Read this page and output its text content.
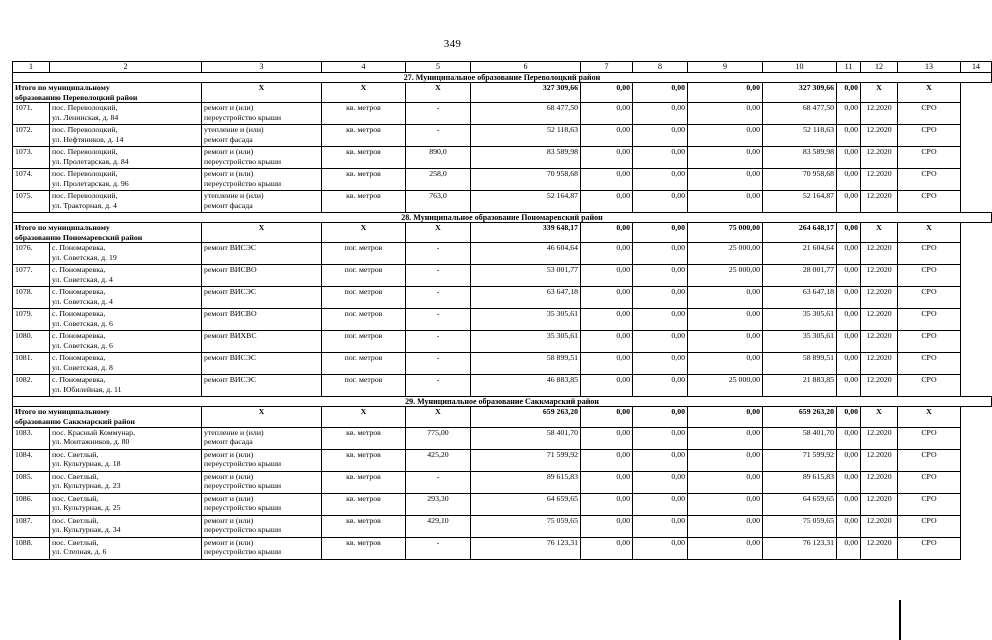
349
1	2	3	4	5	6	7	8	9	10	11	12	13	14
27. Муниципальное образование Переволоцкий район													

Итого по муниципальному
образованию Переволоцкий район		X	X	X	327 309,66	0,00	0,00	0,00	327 309,66	0,00	X	X	
1071.	пос. Переволоцкий,
ул. Ленинская, д. 84	ремонт и (или)
переустройство крыши	кв. метров	-	68 477,50	0,00	0,00	0,00	68 477,50	0,00	12.2020	СРО	
1072.	пос. Переволоцкий,
ул. Нефтяников, д. 14	утепление и (или)
ремонт фасада	кв. метров	-	52 118,63	0,00	0,00	0,00	52 118,63	0,00	12.2020	СРО	
1073.	пос. Переволоцкий,
ул. Пролетарская, д. 84	ремонт и (или)
переустройство крыши	кв. метров	890,0	83 589,98	0,00	0,00	0,00	83 589,98	0,00	12.2020	СРО	
1074.	пос. Переволоцкий,
ул. Пролетарская, д. 96	ремонт и (или)
переустройство крыши	кв. метров	258,0	70 958,68	0,00	0,00	0,00	70 958,68	0,00	12.2020	СРО	
1075.	пос. Переволоцкий,
ул. Тракторная, д. 4	утепление и (или)
ремонт фасада	кв. метров	763,0	52 164,87	0,00	0,00	0,00	52 164,87	0,00	12.2020	СРО	
28. Муниципальное образование Пономаревский район													

Итого по муниципальному
образованию Пономаревский район		X	X	X	339 648,17	0,00	0,00	75 000,00	264 648,17	0,00	X	X	
1076.	с. Пономаревка,
ул. Советская, д. 19	ремонт ВИСЭС	пог. метров	-	46 604,64	0,00	0,00	25 000,00	21 604,64	0,00	12.2020	СРО	
1077.	с. Пономаревка,
ул. Советская, д. 4	ремонт ВИСВО	пог. метров	-	53 001,77	0,00	0,00	25 000,00	28 001,77	0,00	12.2020	СРО	
1078.	с. Пономаревка,
ул. Советская, д. 4	ремонт ВИСЭС	пог. метров	-	63 647,18	0,00	0,00	0,00	63 647,18	0,00	12.2020	СРО	
1079.	с. Пономаревка,
ул. Советская, д. 6	ремонт ВИСВО	пог. метров	-	35 305,61	0,00	0,00	0,00	35 305,61	0,00	12.2020	СРО	
1080.	с. Пономаревка,
ул. Советская, д. 6	ремонт ВИХВС	пог. метров	-	35 305,61	0,00	0,00	0,00	35 305,61	0,00	12.2020	СРО	
1081.	с. Пономаревка,
ул. Советская, д. 8	ремонт ВИСЭС	пог. метров	-	58 899,51	0,00	0,00	0,00	58 899,51	0,00	12.2020	СРО	
1082.	с. Пономаревка,
ул. Юбилейная, д. 11	ремонт ВИСЭС	пог. метров	-	46 883,85	0,00	0,00	25 000,00	21 883,85	0,00	12.2020	СРО	
29. Муниципальное образование Саккмарский район													

Итого по муниципальному
образованию Саккмарский район		X	X	X	659 263,20	0,00	0,00	0,00	659 263,20	0,00	X	X	
1083.	пос. Красный Коммунар,
ул. Монтажников, д. 80	утепление и (или)
ремонт фасада	кв. метров	775,00	58 401,70	0,00	0,00	0,00	58 401,70	0,00	12.2020	СРО	
1084.	пос. Светлый,
ул. Культурная, д. 18	ремонт и (или)
переустройство крыши	кв. метров	425,20	71 599,92	0,00	0,00	0,00	71 599,92	0,00	12.2020	СРО	
1085.	пос. Светлый,
ул. Культурная, д. 23	ремонт и (или)
переустройство крыши	кв. метров	-	89 615,83	0,00	0,00	0,00	89 615,83	0,00	12.2020	СРО	
1086.	пос. Светлый,
ул. Культурная, д. 25	ремонт и (или)
переустройство крыши	кв. метров	293,30	64 659,65	0,00	0,00	0,00	64 659,65	0,00	12.2020	СРО	
1087.	пос. Светлый,
ул. Культурная, д. 34	ремонт и (или)
переустройство крыши	кв. метров	429,10	75 059,65	0,00	0,00	0,00	75 059,65	0,00	12.2020	СРО	
1088.	пос. Светлый,
ул. Степная, д. 6	ремонт и (или)
переустройство крыши	кв. метров	-	76 123,31	0,00	0,00	0,00	76 123,31	0,00	12.2020	СРО	
